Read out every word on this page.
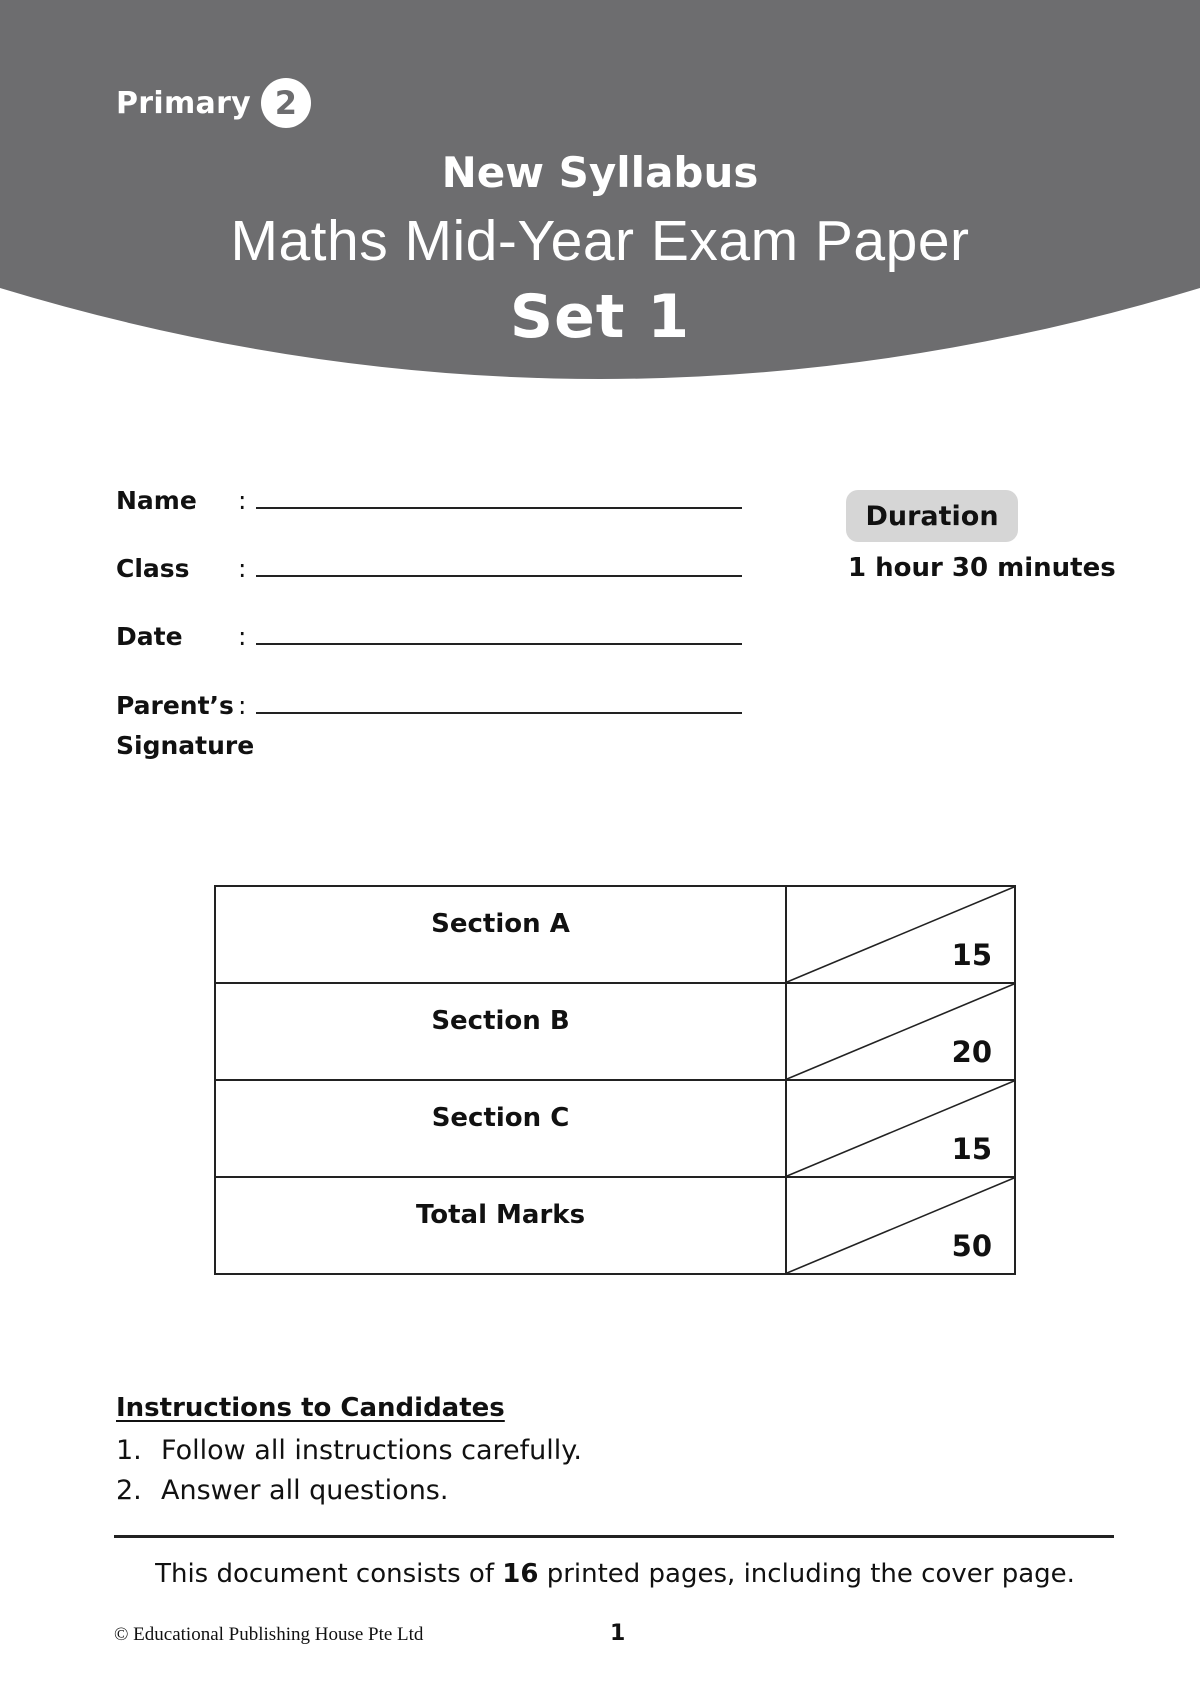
Primary 2
New Syllabus
Maths Mid-Year Exam Paper
Set 1
Name :
Class :
Date :
Parent’s
Signature
:
Duration
1 hour 30 minutes
Section A
15
Section B
20
Section C
15
Total Marks
50
Instructions to Candidates
1. Follow all instructions carefully.
2. Answer all questions.
This document consists of 16 printed pages, including the cover page.
© Educational Publishing House Pte Ltd	1
